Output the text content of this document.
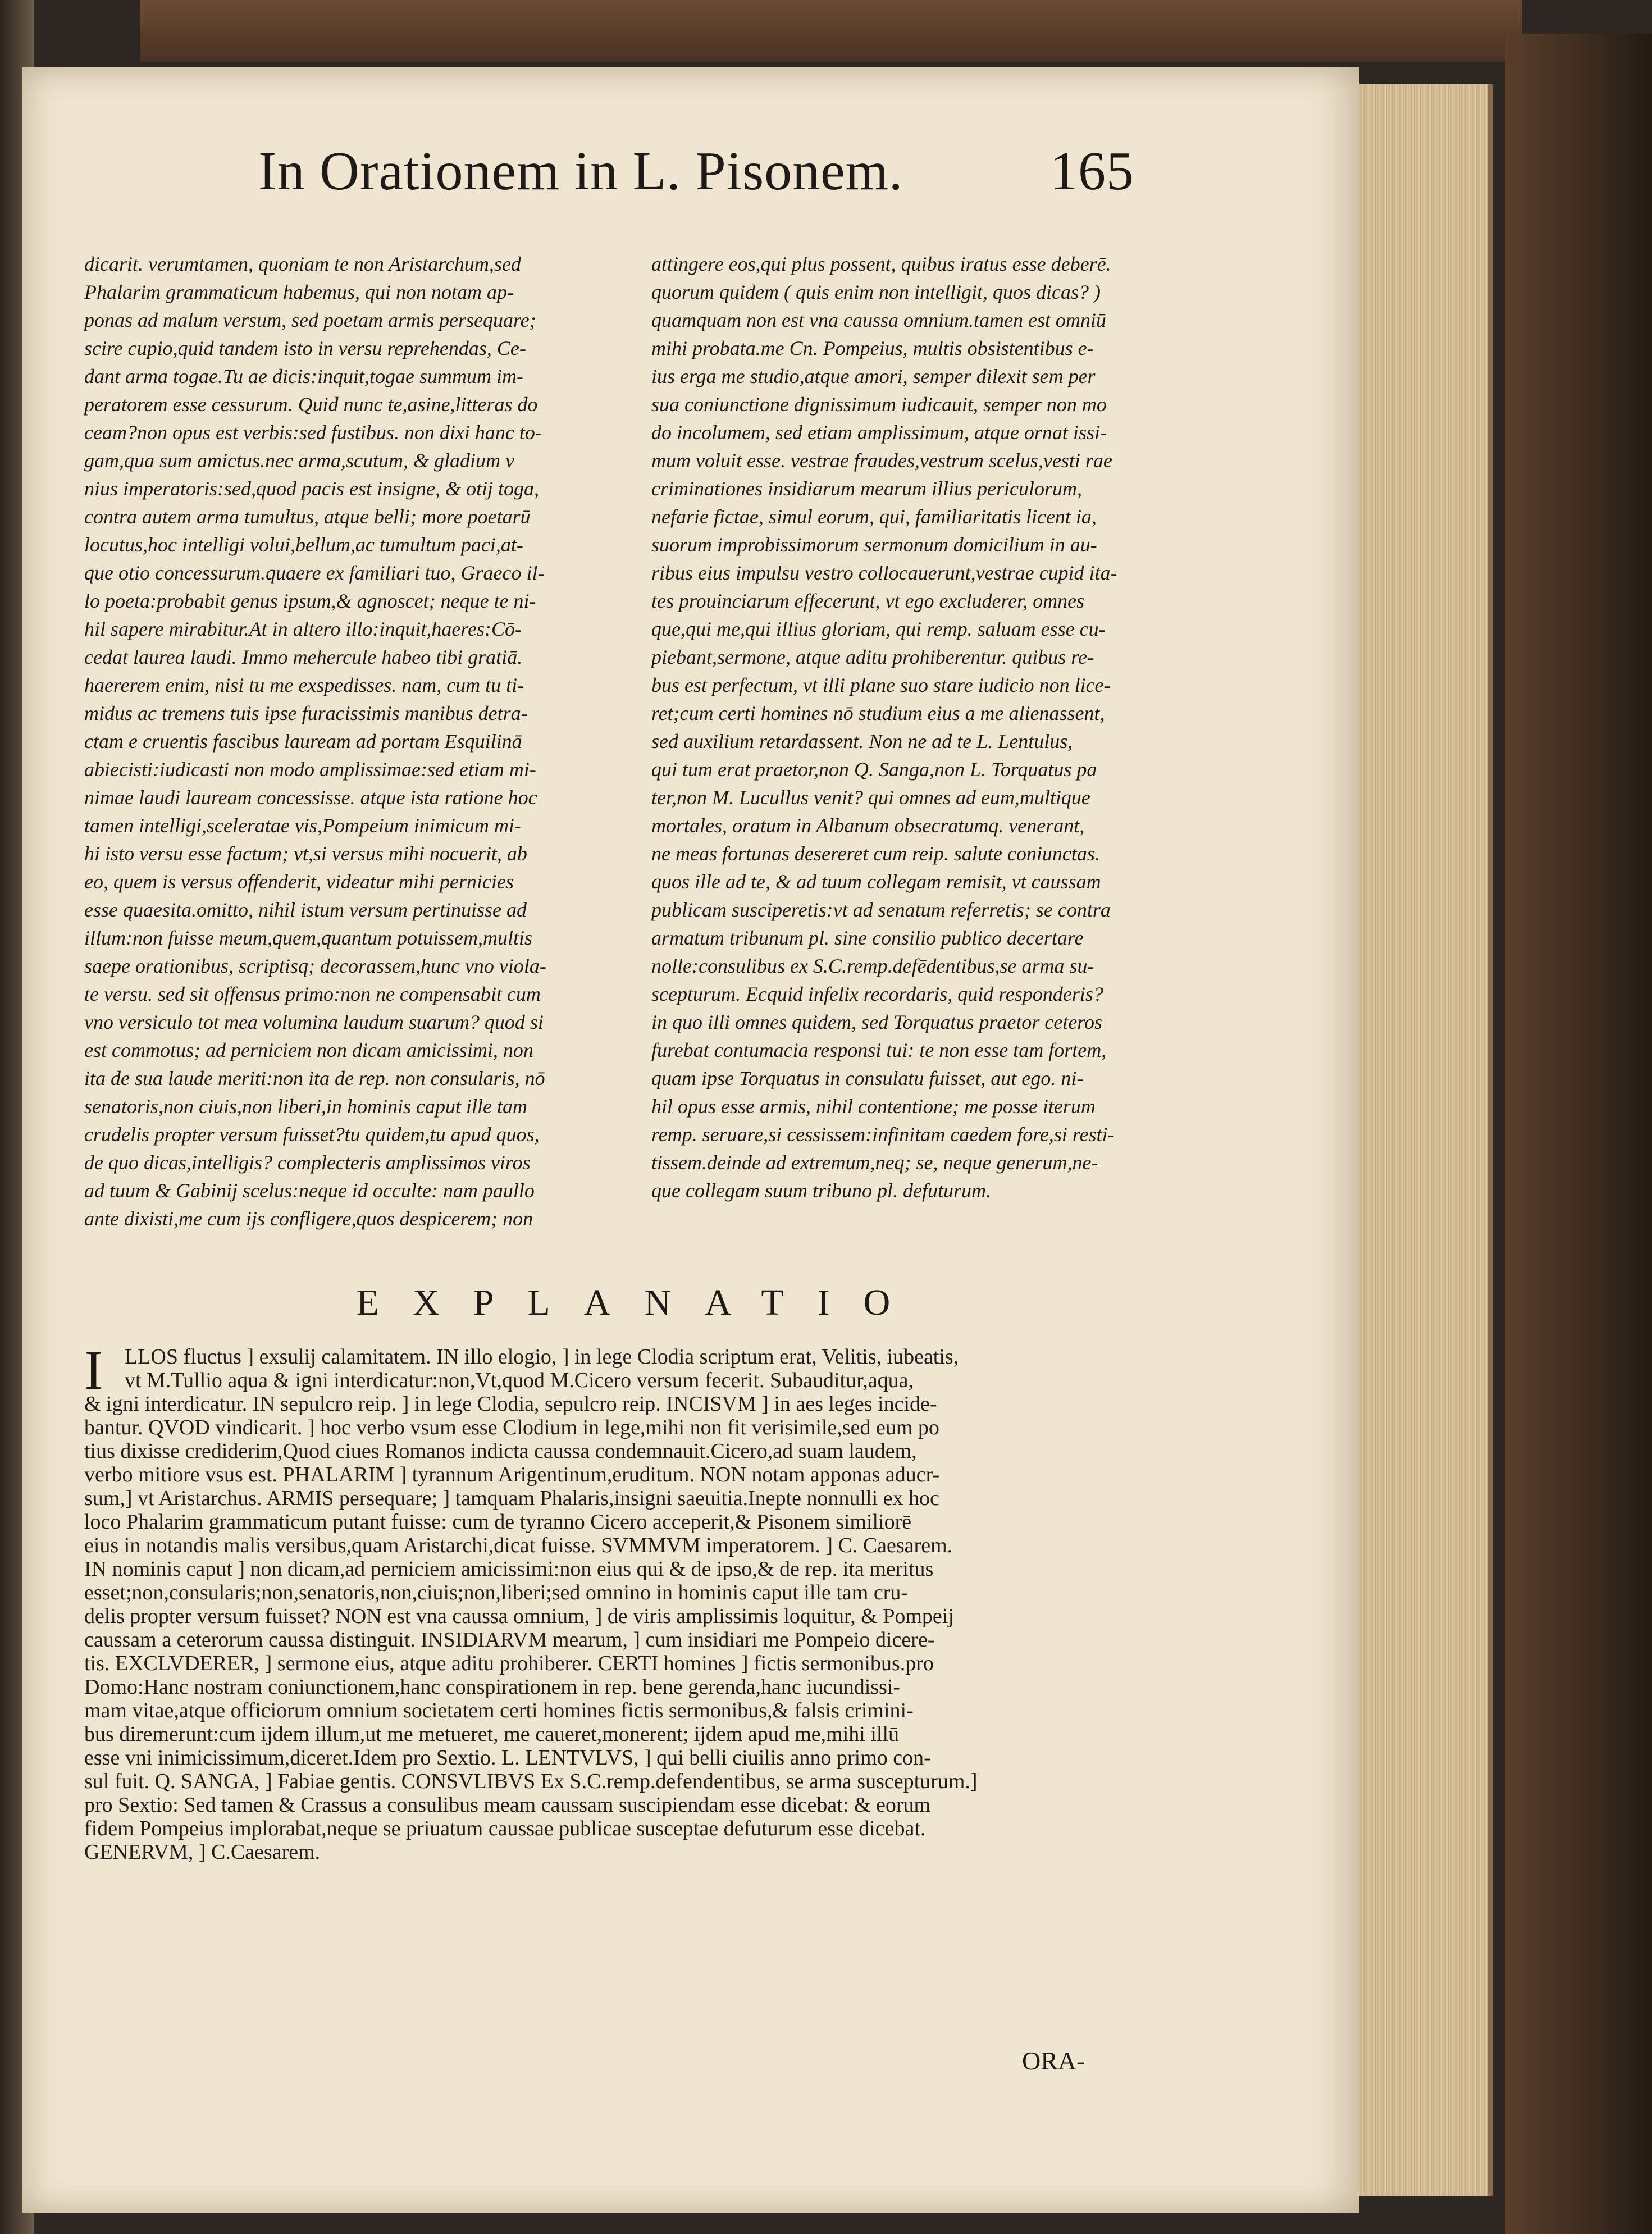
In Orationem in L. Pisonem.	165
dicarit. verumtamen, quoniam te non Aristarchum,sed
Phalarim grammaticum habemus, qui non notam ap-
ponas ad malum versum, sed poetam armis persequare;
scire cupio,quid tandem isto in versu reprehendas, Ce-
dant arma togae.Tu ae dicis:inquit,togae summum im-
peratorem esse cessurum. Quid nunc te,asine,litteras do
ceam?non opus est verbis:sed fustibus. non dixi hanc to-
gam,qua sum amictus.nec arma,scutum, & gladium v
nius imperatoris:sed,quod pacis est insigne, & otij toga,
contra autem arma tumultus, atque belli; more poetarū
locutus,hoc intelligi volui,bellum,ac tumultum paci,at-
que otio concessurum.quaere ex familiari tuo, Graeco il-
lo poeta:probabit genus ipsum,& agnoscet; neque te ni-
hil sapere mirabitur.At in altero illo:inquit,haeres:Cō-
cedat laurea laudi. Immo mehercule habeo tibi gratiā.
haererem enim, nisi tu me exspedisses. nam, cum tu ti-
midus ac tremens tuis ipse furacissimis manibus detra-
ctam e cruentis fascibus lauream ad portam Esquilinā
abiecisti:iudicasti non modo amplissimae:sed etiam mi-
nimae laudi lauream concessisse. atque ista ratione hoc
tamen intelligi,sceleratae vis,Pompeium inimicum mi-
hi isto versu esse factum; vt,si versus mihi nocuerit, ab
eo, quem is versus offenderit, videatur mihi pernicies
esse quaesita.omitto, nihil istum versum pertinuisse ad
illum:non fuisse meum,quem,quantum potuissem,multis
saepe orationibus, scriptisq; decorassem,hunc vno viola-
te versu. sed sit offensus primo:non ne compensabit cum
vno versiculo tot mea volumina laudum suarum? quod si
est commotus; ad perniciem non dicam amicissimi, non
ita de sua laude meriti:non ita de rep. non consularis, nō
senatoris,non ciuis,non liberi,in hominis caput ille tam
crudelis propter versum fuisset?tu quidem,tu apud quos,
de quo dicas,intelligis? complecteris amplissimos viros
ad tuum & Gabinij scelus:neque id occulte: nam paullo
ante dixisti,me cum ijs confligere,quos despicerem; non
attingere eos,qui plus possent, quibus iratus esse deberē.
quorum quidem ( quis enim non intelligit, quos dicas? )
quamquam non est vna caussa omnium.tamen est omniū
mihi probata.me Cn. Pompeius, multis obsistentibus e-
ius erga me studio,atque amori, semper dilexit sem per
sua coniunctione dignissimum iudicauit, semper non mo
do incolumem, sed etiam amplissimum, atque ornat issi-
mum voluit esse. vestrae fraudes,vestrum scelus,vesti rae
criminationes insidiarum mearum illius periculorum,
nefarie fictae, simul eorum, qui, familiaritatis licent ia,
suorum improbissimorum sermonum domicilium in au-
ribus eius impulsu vestro collocauerunt,vestrae cupid ita-
tes prouinciarum effecerunt, vt ego excluderer, omnes
que,qui me,qui illius gloriam, qui remp. saluam esse cu-
piebant,sermone, atque aditu prohiberentur. quibus re-
bus est perfectum, vt illi plane suo stare iudicio non lice-
ret;cum certi homines nō studium eius a me alienassent,
sed auxilium retardassent. Non ne ad te L. Lentulus,
qui tum erat praetor,non Q. Sanga,non L. Torquatus pa
ter,non M. Lucullus venit? qui omnes ad eum,multique
mortales, oratum in Albanum obsecratumq. venerant,
ne meas fortunas desereret cum reip. salute coniunctas.
quos ille ad te, & ad tuum collegam remisit, vt caussam
publicam susciperetis:vt ad senatum referretis; se contra
armatum tribunum pl. sine consilio publico decertare
nolle:consulibus ex S.C.remp.defēdentibus,se arma su-
scepturum. Ecquid infelix recordaris, quid responderis?
in quo illi omnes quidem, sed Torquatus praetor ceteros
furebat contumacia responsi tui: te non esse tam fortem,
quam ipse Torquatus in consulatu fuisset, aut ego. ni-
hil opus esse armis, nihil contentione; me posse iterum
remp. seruare,si cessissem:infinitam caedem fore,si resti-
tissem.deinde ad extremum,neq; se, neque generum,ne-
que collegam suum tribuno pl. defuturum.
EXPLANATIO
I	LLOS fluctus ] exsulij calamitatem. IN illo elogio, ] in lege Clodia scriptum erat, Velitis, iubeatis,
vt M.Tullio aqua & igni interdicatur:non,Vt,quod M.Cicero versum fecerit. Subauditur,aqua,
& igni interdicatur. IN sepulcro reip. ] in lege Clodia, sepulcro reip. INCISVM ] in aes leges incide-
bantur. QVOD vindicarit. ] hoc verbo vsum esse Clodium in lege,mihi non fit verisimile,sed eum po
tius dixisse crediderim,Quod ciues Romanos indicta caussa condemnauit.Cicero,ad suam laudem,
verbo mitiore vsus est. PHALARIM ] tyrannum Arigentinum,eruditum. NON notam apponas aducr-
sum,] vt Aristarchus. ARMIS persequare; ] tamquam Phalaris,insigni saeuitia.Inepte nonnulli ex hoc
loco Phalarim grammaticum putant fuisse: cum de tyranno Cicero acceperit,& Pisonem similiorē
eius in notandis malis versibus,quam Aristarchi,dicat fuisse. SVMMVM imperatorem. ] C. Caesarem.
IN nominis caput ] non dicam,ad perniciem amicissimi:non eius qui & de ipso,& de rep. ita meritus
esset;non,consularis;non,senatoris,non,ciuis;non,liberi;sed omnino in hominis caput ille tam cru-
delis propter versum fuisset? NON est vna caussa omnium, ] de viris amplissimis loquitur, & Pompeij
caussam a ceterorum caussa distinguit. INSIDIARVM mearum, ] cum insidiari me Pompeio dicere-
tis. EXCLVDERER, ] sermone eius, atque aditu prohiberer. CERTI homines ] fictis sermonibus.pro
Domo:Hanc nostram coniunctionem,hanc conspirationem in rep. bene gerenda,hanc iucundissi-
mam vitae,atque officiorum omnium societatem certi homines fictis sermonibus,& falsis crimini-
bus diremerunt:cum ijdem illum,ut me metueret, me caueret,monerent; ijdem apud me,mihi illū
esse vni inimicissimum,diceret.Idem pro Sextio. L. LENTVLVS, ] qui belli ciuilis anno primo con-
sul fuit. Q. SANGA, ] Fabiae gentis. CONSVLIBVS Ex S.C.remp.defendentibus, se arma suscepturum.]
pro Sextio: Sed tamen & Crassus a consulibus meam caussam suscipiendam esse dicebat: & eorum
fidem Pompeius implorabat,neque se priuatum caussae publicae susceptae defuturum esse dicebat.
GENERVM, ] C.Caesarem.
ORA-
